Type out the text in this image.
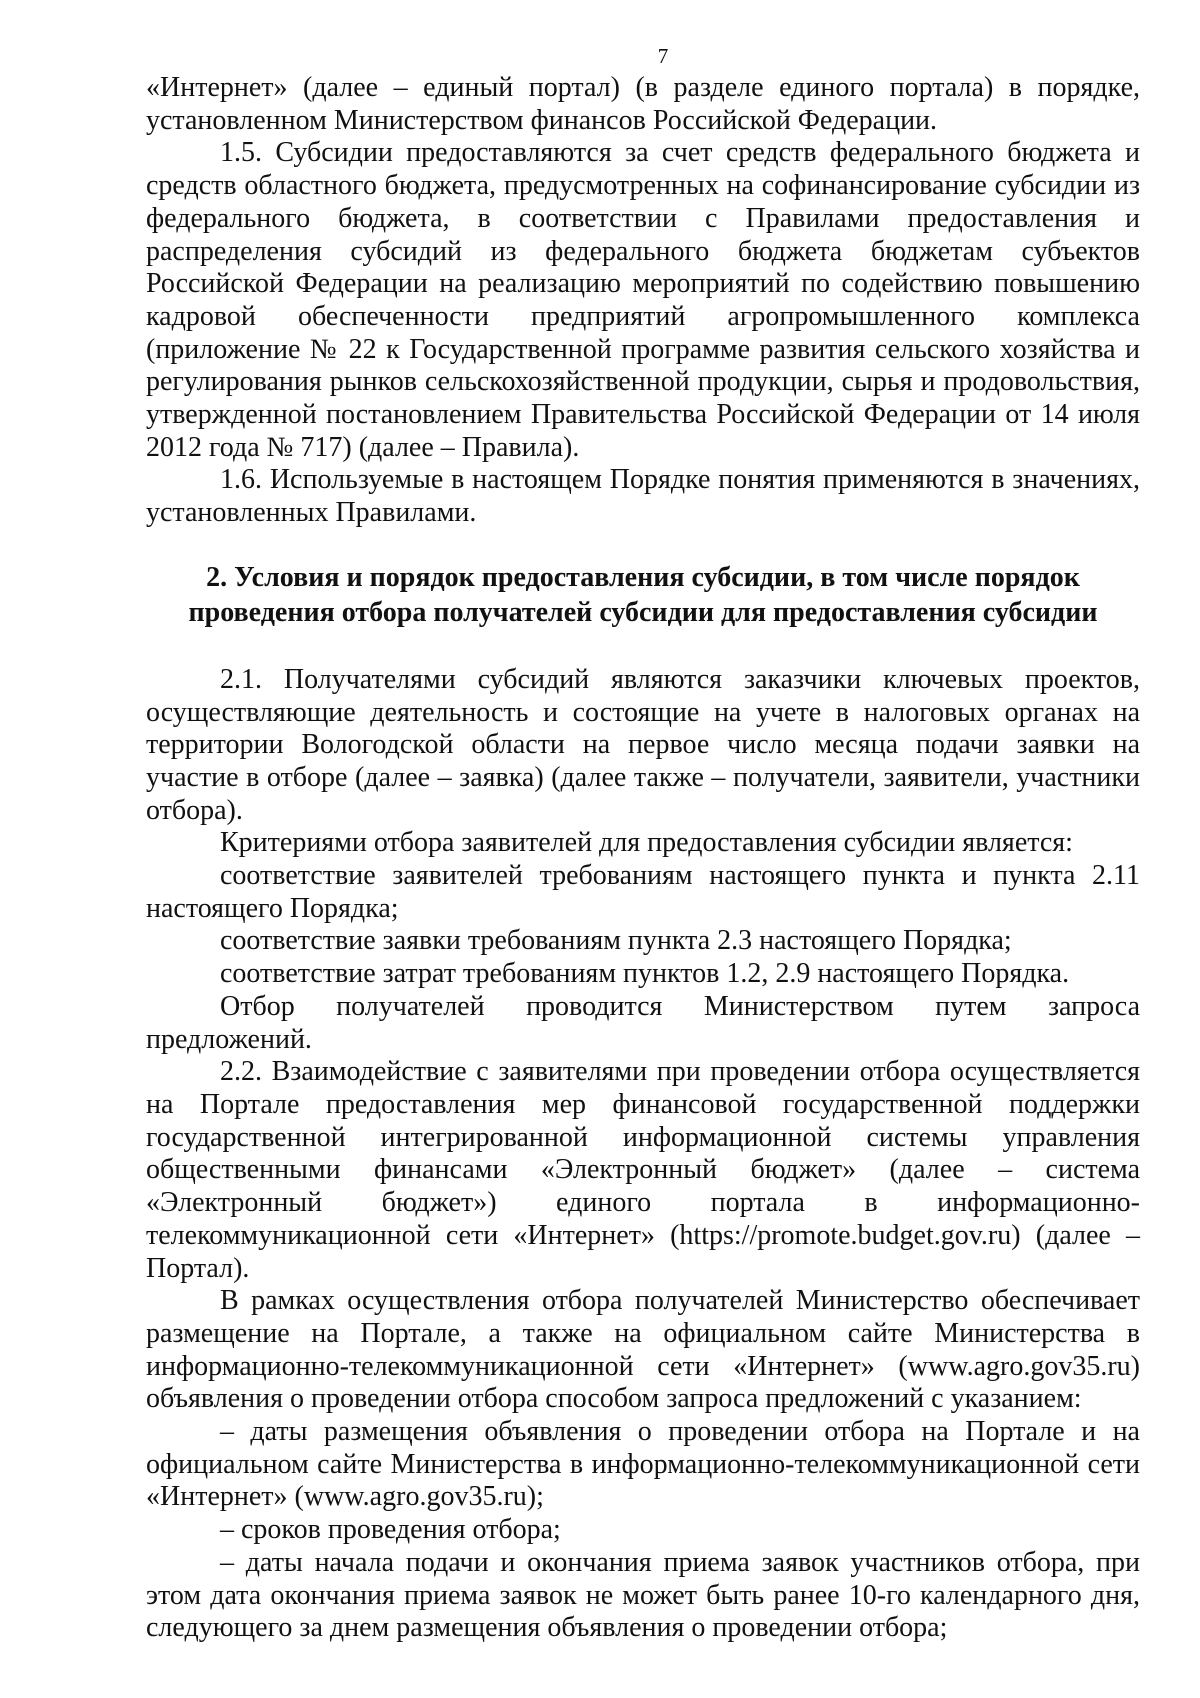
7

«Интернет» (далее – единый портал) (в разделе единого портала) в порядке, установленном Министерством финансов Российской Федерации.

1.5. Субсидии предоставляются за счет средств федерального бюджета и средств областного бюджета, предусмотренных на софинансирование субсидии из федерального бюджета, в соответствии с Правилами предоставления и распределения субсидий из федерального бюджета бюджетам субъектов Российской Федерации на реализацию мероприятий по содействию повышению кадровой обеспеченности предприятий агропромышленного комплекса (приложение № 22 к Государственной программе развития сельского хозяйства и регулирования рынков сельскохозяйственной продукции, сырья и продовольствия, утвержденной постановлением Правительства Российской Федерации от 14 июля 2012 года № 717) (далее – Правила).

1.6. Используемые в настоящем Порядке понятия применяются в значениях, установленных Правилами.

2. Условия и порядок предоставления субсидии, в том числе порядок
проведения отбора получателей субсидии для предоставления субсидии

2.1. Получателями субсидий являются заказчики ключевых проектов, осуществляющие деятельность и состоящие на учете в налоговых органах на территории Вологодской области на первое число месяца подачи заявки на участие в отборе (далее – заявка) (далее также – получатели, заявители, участники отбора).

Критериями отбора заявителей для предоставления субсидии является:

соответствие заявителей требованиям настоящего пункта и пункта 2.11 настоящего Порядка;

соответствие заявки требованиям пункта 2.3 настоящего Порядка;

соответствие затрат требованиям пунктов 1.2, 2.9 настоящего Порядка.

Отбор получателей проводится Министерством путем запроса предложений.

2.2. Взаимодействие с заявителями при проведении отбора осуществляется на Портале предоставления мер финансовой государственной поддержки государственной интегрированной информационной системы управления общественными финансами «Электронный бюджет» (далее – система «Электронный бюджет») единого портала в информационно-телекоммуникационной сети «Интернет» (https://promote.budget.gov.ru) (далее – Портал).

В рамках осуществления отбора получателей Министерство обеспечивает размещение на Портале, а также на официальном сайте Министерства в информационно-телекоммуникационной сети «Интернет» (www.agro.gov35.ru) объявления о проведении отбора способом запроса предложений с указанием:

– даты размещения объявления о проведении отбора на Портале и на официальном сайте Министерства в информационно-телекоммуникационной сети «Интернет» (www.agro.gov35.ru);

– сроков проведения отбора;

– даты начала подачи и окончания приема заявок участников отбора, при этом дата окончания приема заявок не может быть ранее 10-го календарного дня, следующего за днем размещения объявления о проведении отбора;
